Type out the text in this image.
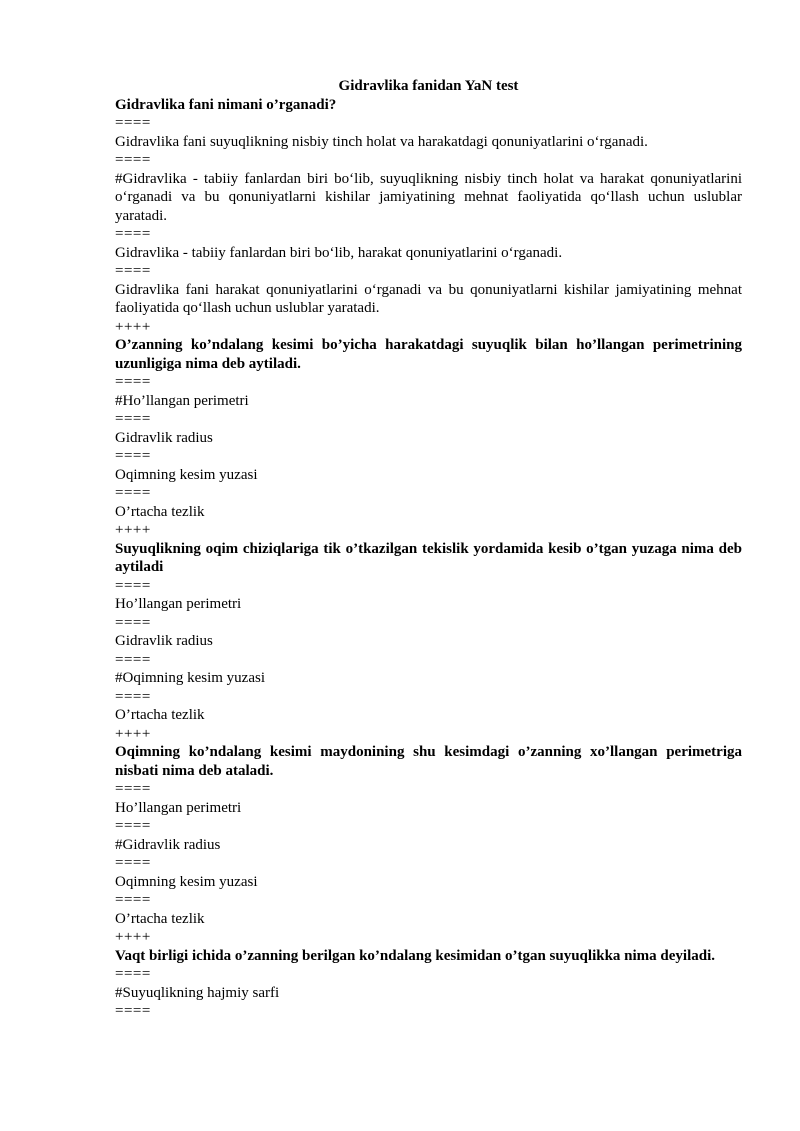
Gidravlika fanidan YaN test

Gidravlika fani nimani o’rganadi?

====

Gidravlika fani suyuqlikning nisbiy tinch holat va harakatdagi qonuniyatlarini o‘rganadi.

====

#Gidravlika - tabiiy fanlardan biri bo‘lib, suyuqlikning nisbiy tinch holat va harakat qonuniyatlarini o‘rganadi va bu qonuniyatlarni kishilar jamiyatining mehnat faoliyatida qo‘llash uchun uslublar yaratadi.

====

Gidravlika - tabiiy fanlardan biri bo‘lib, harakat qonuniyatlarini o‘rganadi.

====

Gidravlika fani harakat qonuniyatlarini o‘rganadi va bu qonuniyatlarni kishilar jamiyatining mehnat faoliyatida qo‘llash uchun uslublar yaratadi.

++++

O’zanning ko’ndalang kesimi bo’yicha harakatdagi suyuqlik bilan ho’llangan perimetrining uzunligiga nima deb aytiladi.

====

#Ho’llangan perimetri

====

Gidravlik radius

====

Oqimning kesim yuzasi

====

O’rtacha tezlik

++++

Suyuqlikning oqim chiziqlariga tik o’tkazilgan tekislik yordamida kesib o’tgan yuzaga nima deb aytiladi

====

Ho’llangan perimetri

====

Gidravlik radius

====

#Oqimning kesim yuzasi

====

O’rtacha tezlik

++++

Oqimning ko’ndalang kesimi maydonining shu kesimdagi o’zanning xo’llangan perimetriga nisbati nima deb ataladi.

====

Ho’llangan perimetri

====

#Gidravlik radius

====

Oqimning kesim yuzasi

====

O’rtacha tezlik

++++

Vaqt birligi ichida o’zanning berilgan ko’ndalang kesimidan o’tgan suyuqlikka nima deyiladi.

====

#Suyuqlikning hajmiy sarfi

====
